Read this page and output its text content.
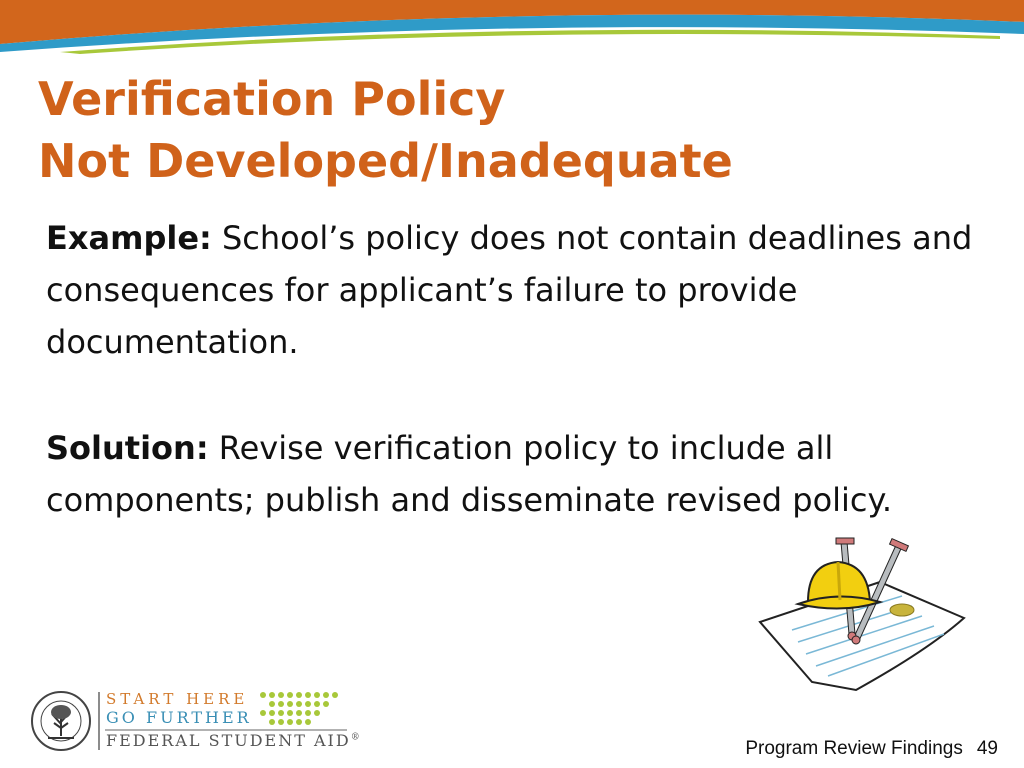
Verification Policy
Not Developed/Inadequate

Example: School’s policy does not contain deadlines and consequences for applicant’s failure to provide documentation.

Solution: Revise verification policy to include all components; publish and disseminate revised policy.

START HERE
GO FURTHER
FEDERAL STUDENT AID®
Program Review Findings 49
